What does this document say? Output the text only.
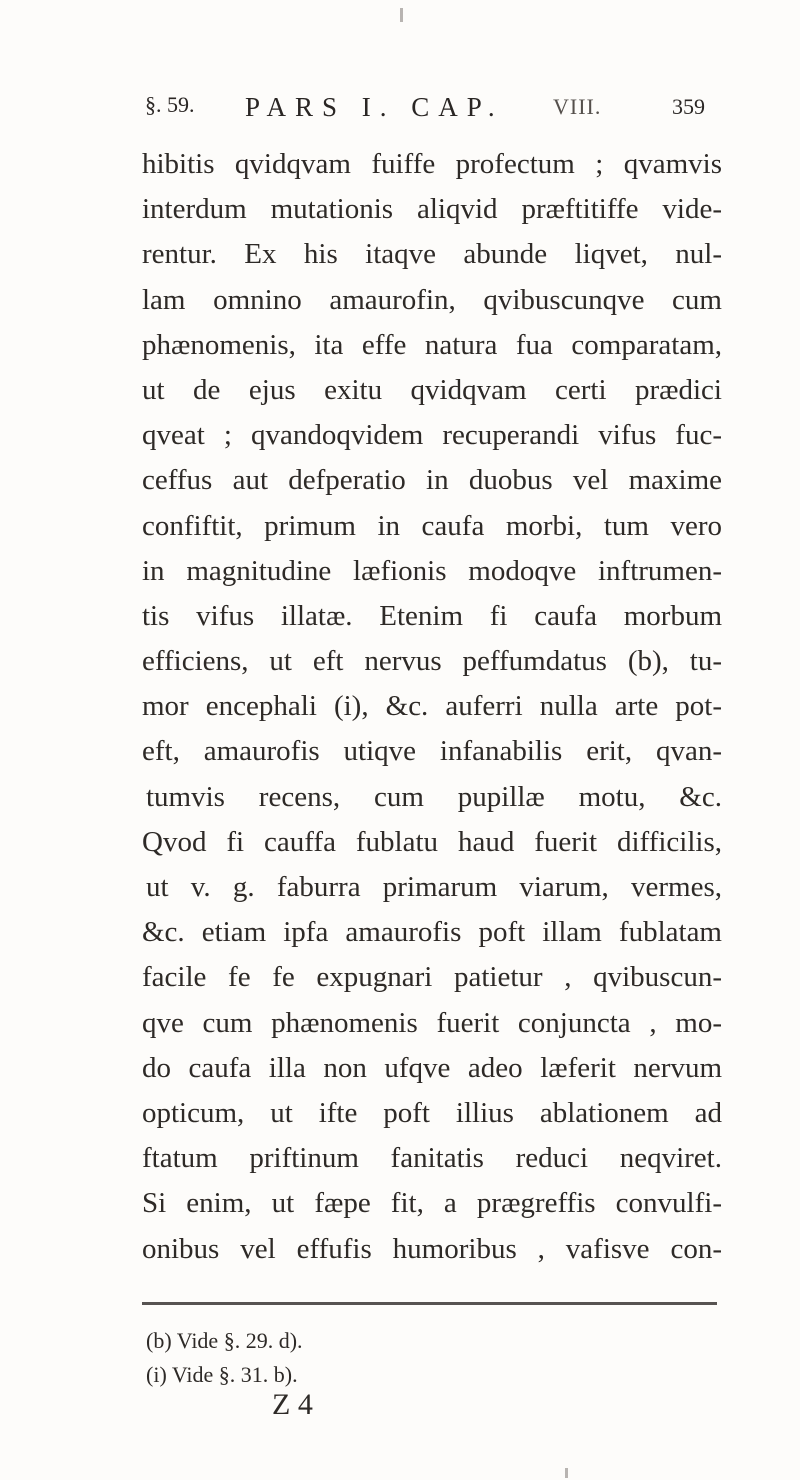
§. 59. PARS I. CAP. VIII.	359
hibitis qvidqvam fuiffe profectum ; qvamvis
interdum mutationis aliqvid præftitiffe vide-
rentur. Ex his itaqve abunde liqvet, nul-
lam omnino amaurofin, qvibuscunqve cum
phænomenis, ita effe natura fua comparatam,
ut de ejus exitu qvidqvam certi prædici
qveat ; qvandoqvidem recuperandi vifus fuc-
ceffus aut defperatio in duobus vel maxime
confiftit, primum in caufa morbi, tum vero
in magnitudine læfionis modoqve inftrumen-
tis vifus illatæ. Etenim fi caufa morbum
efficiens, ut eft nervus peffumdatus (b), tu-
mor encephali (i), &c. auferri nulla arte pot-
eft, amaurofis utiqve infanabilis erit, qvan-
tumvis recens, cum pupillæ motu, &c.
Qvod fi cauffa fublatu haud fuerit difficilis,
ut v. g. faburra primarum viarum, vermes,
&c. etiam ipfa amaurofis poft illam fublatam
facile fe fe expugnari patietur , qvibuscun-
qve cum phænomenis fuerit conjuncta , mo-
do caufa illa non ufqve adeo læferit nervum
opticum, ut ifte poft illius ablationem ad
ftatum priftinum fanitatis reduci neqviret.
Si enim, ut fæpe fit, a prægreffis convulfi-
onibus vel effufis humoribus , vafisve con-
(b) Vide §. 29. d).
(i) Vide §. 31. b).
Z 4
